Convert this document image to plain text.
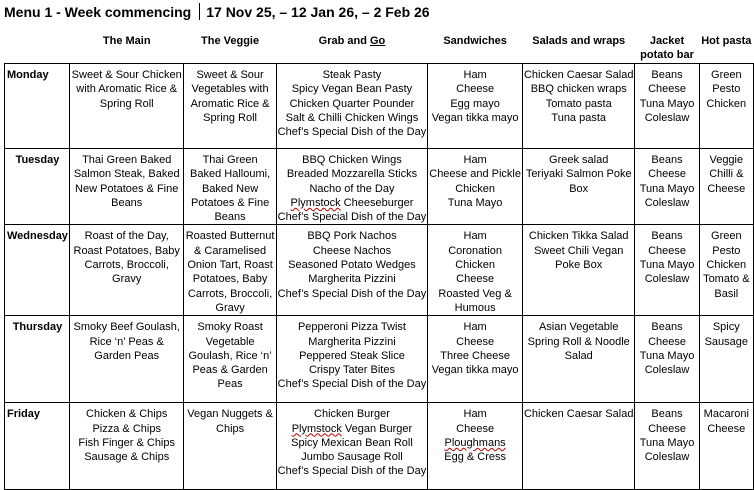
Menu 1 - Week commencing 17 Nov 25, – 12 Jan 26, – 2 Feb 26
	The Main	The Veggie	Grab and Go	Sandwiches	Salads and wraps	Jacket potato bar	Hot pasta
Monday	Sweet & Sour Chicken with Aromatic Rice & Spring Roll	Sweet & Sour Vegetables with Aromatic Rice & Spring Roll	Steak Pasty
Spicy Vegan Bean Pasty
Chicken Quarter Pounder
Salt & Chilli Chicken Wings
Chef’s Special Dish of the Day	Ham
Cheese
Egg mayo
Vegan tikka mayo	Chicken Caesar Salad
BBQ chicken wraps
Tomato pasta
Tuna pasta	Beans
Cheese
Tuna Mayo
Coleslaw	Green Pesto Chicken

Tuesday	Thai Green Baked Salmon Steak, Baked New Potatoes & Fine Beans	Thai Green Baked Halloumi, Baked New Potatoes & Fine Beans	BBQ Chicken Wings
Breaded Mozzarella Sticks
Nacho of the Day
Plymstock Cheeseburger
Chef’s Special Dish of the Day	Ham
Cheese and Pickle
Chicken
Tuna Mayo	Greek salad
Teriyaki Salmon Poke Box	Beans
Cheese
Tuna Mayo
Coleslaw	Veggie Chilli & Cheese

Wednesday	Roast of the Day, Roast Potatoes, Baby Carrots, Broccoli, Gravy	Roasted Butternut & Caramelised Onion Tart, Roast Potatoes, Baby Carrots, Broccoli, Gravy	BBQ Pork Nachos
Cheese Nachos
Seasoned Potato Wedges
Margherita Pizzini
Chef’s Special Dish of the Day	Ham
Coronation Chicken
Cheese
Roasted Veg & Humous	Chicken Tikka Salad
Sweet Chili Vegan Poke Box	Beans
Cheese
Tuna Mayo
Coleslaw	Green Pesto Chicken Tomato & Basil

Thursday	Smoky Beef Goulash, Rice ‘n’ Peas & Garden Peas	Smoky Roast Vegetable Goulash, Rice ‘n’ Peas & Garden Peas	Pepperoni Pizza Twist
Margherita Pizzini
Peppered Steak Slice
Crispy Tater Bites
Chef’s Special Dish of the Day	Ham
Cheese
Three Cheese
Vegan tikka mayo	Asian Vegetable Spring Roll & Noodle Salad	Beans
Cheese
Tuna Mayo
Coleslaw	Spicy Sausage

Friday	Chicken & Chips
Pizza & Chips
Fish Finger & Chips
Sausage & Chips	Vegan Nuggets & Chips	Chicken Burger
Plymstock Vegan Burger
Spicy Mexican Bean Roll
Jumbo Sausage Roll
Chef’s Special Dish of the Day	Ham
Cheese
Ploughmans
Egg & Cress	Chicken Caesar Salad	Beans
Cheese
Tuna Mayo
Coleslaw	Macaroni Cheese
